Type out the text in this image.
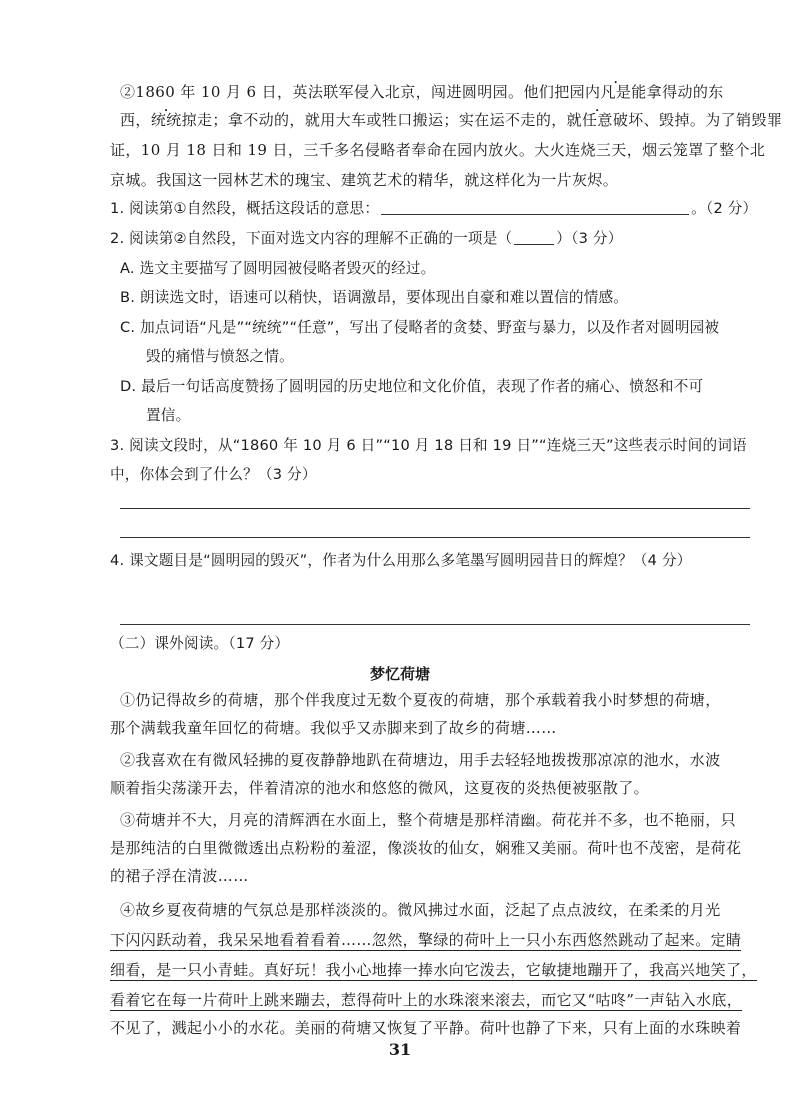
②1860 年 10 月 6 日，英法联军侵入北京，闯进圆明园。他们把园内凡是能拿得动的东
西，统统掠走；拿不动的，就用大车或牲口搬运；实在运不走的，就任意破坏、毁掉。为了销毁罪
证，10 月 18 日和 19 日，三千多名侵略者奉命在园内放火。大火连烧三天，烟云笼罩了整个北
京城。我国这一园林艺术的瑰宝、建筑艺术的精华，就这样化为一片灰烬。
1. 阅读第①自然段，概括这段话的意思：	。（2 分）
2. 阅读第②自然段，下面对选文内容的理解不正确的一项是（	）（3 分）
A. 选文主要描写了圆明园被侵略者毁灭的经过。
B. 朗读选文时，语速可以稍快，语调激昂，要体现出自豪和难以置信的情感。
C. 加点词语“凡是”“统统”“任意”，写出了侵略者的贪婪、野蛮与暴力，以及作者对圆明园被
毁的痛惜与愤怒之情。
D. 最后一句话高度赞扬了圆明园的历史地位和文化价值，表现了作者的痛心、愤怒和不可
置信。
3. 阅读文段时，从“1860 年 10 月 6 日”“10 月 18 日和 19 日”“连烧三天”这些表示时间的词语
中，你体会到了什么？（3 分）
4. 课文题目是“圆明园的毁灭”，作者为什么用那么多笔墨写圆明园昔日的辉煌？（4 分）
（二）课外阅读。（17 分）
梦忆荷塘
①仍记得故乡的荷塘，那个伴我度过无数个夏夜的荷塘，那个承载着我小时梦想的荷塘，
那个满载我童年回忆的荷塘。我似乎又赤脚来到了故乡的荷塘……
②我喜欢在有微风轻拂的夏夜静静地趴在荷塘边，用手去轻轻地拨拨那凉凉的池水，水波
顺着指尖荡漾开去，伴着清凉的池水和悠悠的微风，这夏夜的炎热便被驱散了。
③荷塘并不大，月亮的清辉洒在水面上，整个荷塘是那样清幽。荷花并不多，也不艳丽，只
是那纯洁的白里微微透出点粉粉的羞涩，像淡妆的仙女，娴雅又美丽。荷叶也不茂密，是荷花
的裙子浮在清波……
④故乡夏夜荷塘的气氛总是那样淡淡的。微风拂过水面，泛起了点点波纹，在柔柔的月光
下闪闪跃动着，我呆呆地看着看着……忽然，擎绿的荷叶上一只小东西悠然跳动了起来。定睛
细看，是一只小青蛙。真好玩！我小心地捧一捧水向它泼去，它敏捷地蹦开了，我高兴地笑了，
看着它在每一片荷叶上跳来蹦去，惹得荷叶上的水珠滚来滚去，而它又“咕咚”一声钻入水底，
不见了，溅起小小的水花。美丽的荷塘又恢复了平静。荷叶也静了下来，只有上面的水珠映着
31
